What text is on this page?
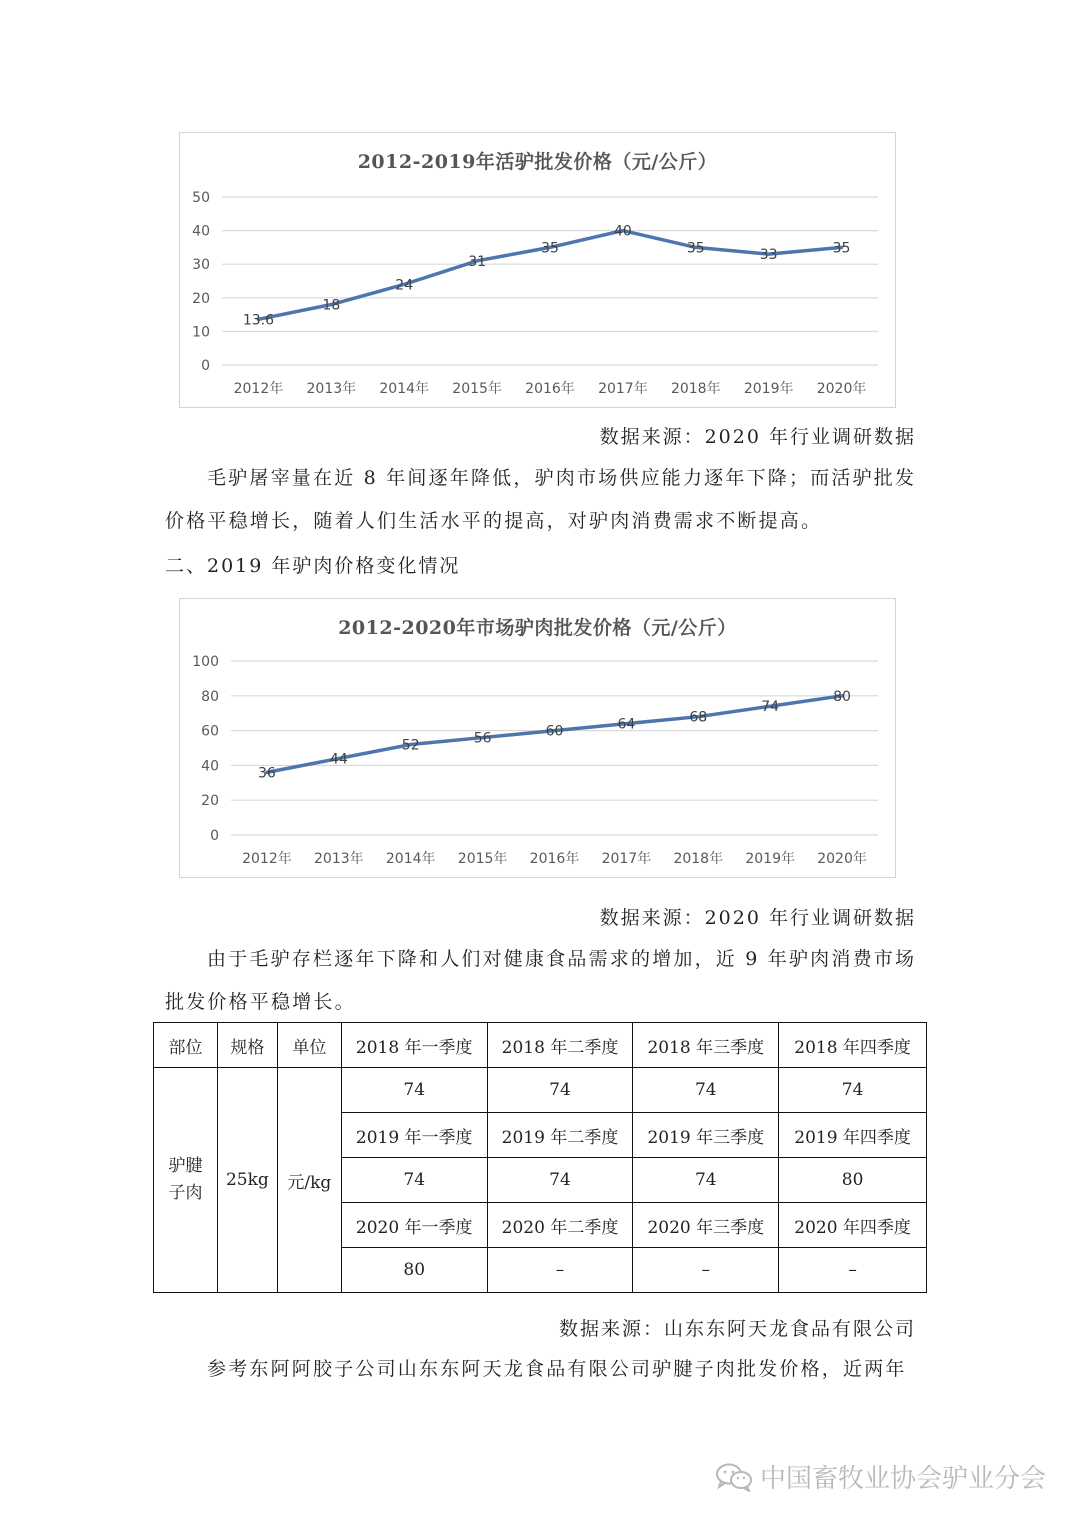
2012-2019年活驴批发价格（元/公斤）
0
10
20
30
40
50
2012年 2013年 2014年 2015年 2016年 2017年 2018年 2019年 2020年
13.6
18
24
31
35
40
35	33	35
数据来源：2020 年行业调研数据
毛驴屠宰量在近 8 年间逐年降低，驴肉市场供应能力逐年下降；而活驴批发价格平稳增长，随着人们生活水平的提高，对驴肉消费需求不断提高。
二、2019 年驴肉价格变化情况
2012-2020年市场驴肉批发价格（元/公斤）
0
20
40
60
80
100
2012年 2013年 2014年 2015年 2016年 2017年 2018年 2019年 2020年
36
44
52	56	60	64	68
74
80
数据来源：2020 年行业调研数据
由于毛驴存栏逐年下降和人们对健康食品需求的增加，近 9 年驴肉消费市场批发价格平稳增长。
部位	规格	单位	2018 年一季度	2018 年二季度	2018 年三季度	2018 年四季度
驴腱
子肉	25kg	元/kg	74	74	74	74
			2019 年一季度	2019 年二季度	2019 年三季度	2019 年四季度
			74	74	74	80
			2020 年一季度	2020 年二季度	2020 年三季度	2020 年四季度
			80	–	–	–
数据来源：山东东阿天龙食品有限公司
参考东阿阿胶子公司山东东阿天龙食品有限公司驴腱子肉批发价格，近两年
中国畜牧业协会驴业分会
